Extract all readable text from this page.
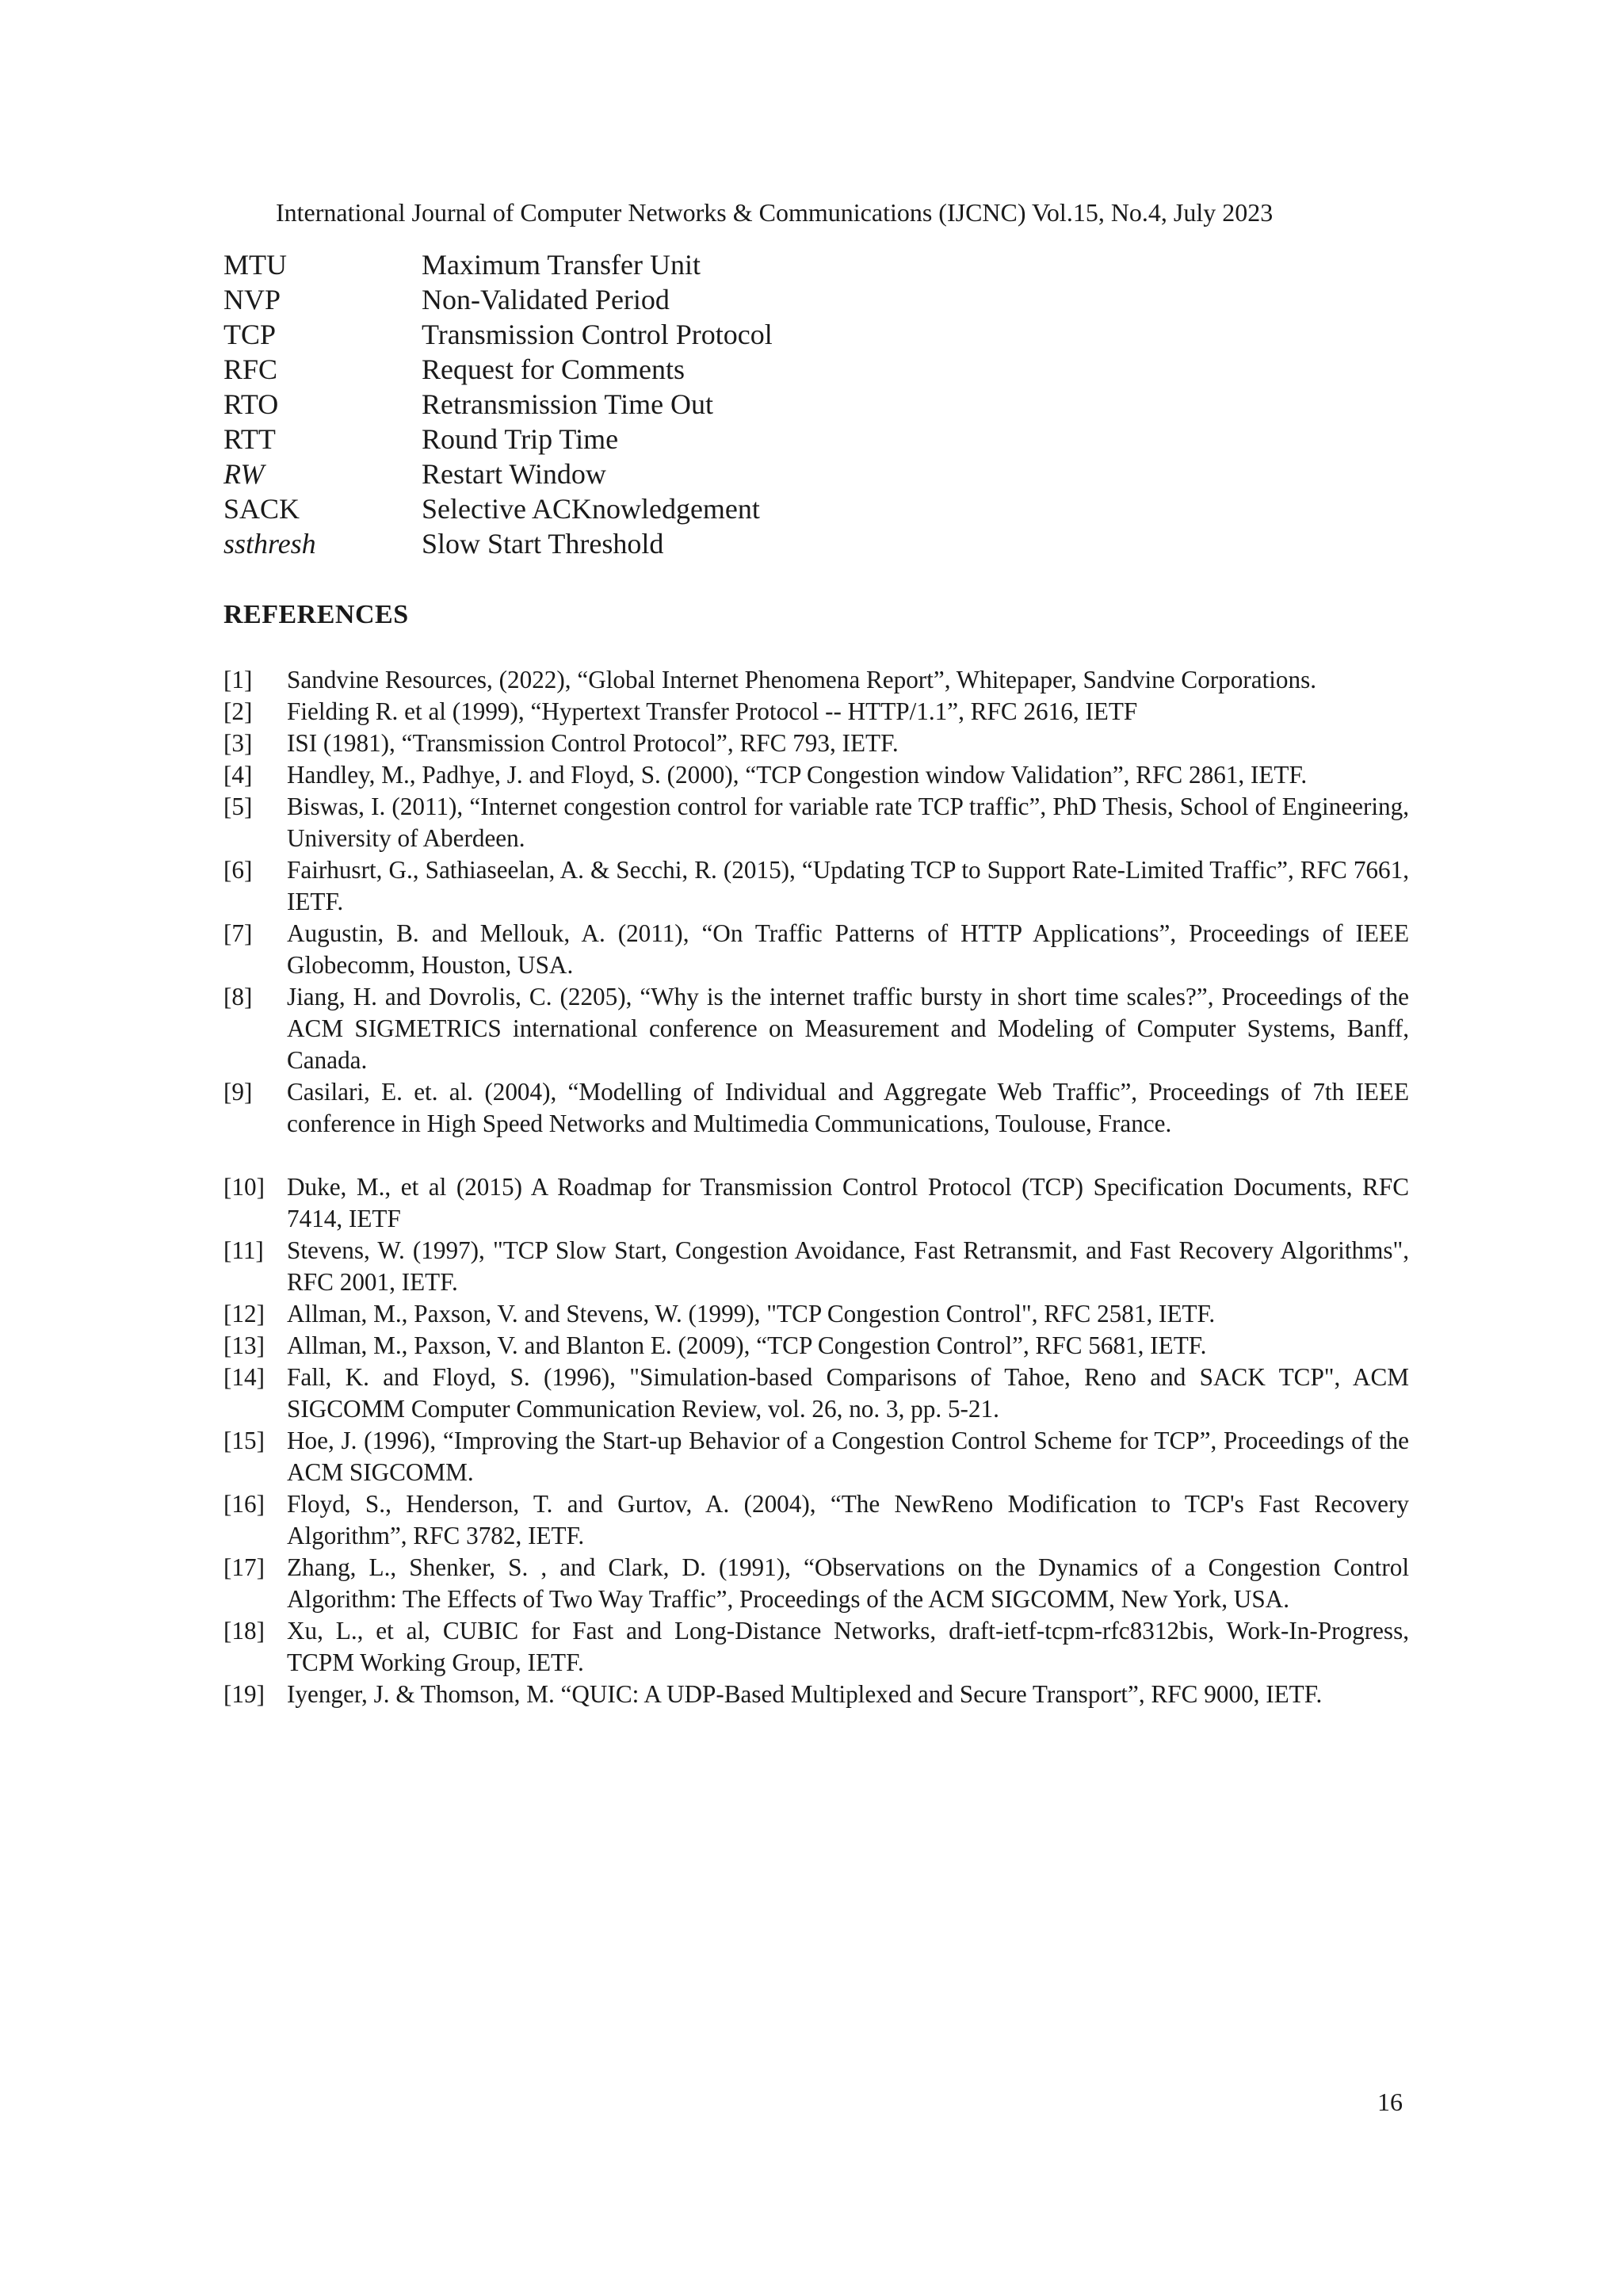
International Journal of Computer Networks & Communications (IJCNC) Vol.15, No.4, July 2023
MTU	Maximum Transfer Unit
NVP	Non-Validated Period
TCP	Transmission Control Protocol
RFC	Request for Comments
RTO	Retransmission Time Out
RTT	Round Trip Time
RW	Restart Window
SACK	Selective ACKnowledgement
ssthresh	Slow Start Threshold
REFERENCES
[1]	Sandvine Resources, (2022), “Global Internet Phenomena Report”, Whitepaper, Sandvine Corporations.
[2]	Fielding R. et al (1999), “Hypertext Transfer Protocol -- HTTP/1.1”, RFC 2616, IETF
[3]	ISI (1981), “Transmission Control Protocol”, RFC 793, IETF.
[4]	Handley, M., Padhye, J. and Floyd, S. (2000), “TCP Congestion window Validation”, RFC 2861, IETF.
[5]	Biswas, I. (2011), “Internet congestion control for variable rate TCP traffic”, PhD Thesis, School of Engineering, University of Aberdeen.
[6]	Fairhusrt, G., Sathiaseelan, A. & Secchi, R. (2015), “Updating TCP to Support Rate-Limited Traffic”, RFC 7661, IETF.
[7]	Augustin, B. and Mellouk, A. (2011), “On Traffic Patterns of HTTP Applications”, Proceedings of IEEE Globecomm, Houston, USA.
[8]	Jiang, H. and Dovrolis, C. (2205), “Why is the internet traffic bursty in short time scales?”, Proceedings of the ACM SIGMETRICS international conference on Measurement and Modeling of Computer Systems, Banff, Canada.
[9]	Casilari, E. et. al. (2004), “Modelling of Individual and Aggregate Web Traffic”, Proceedings of 7th IEEE conference in High Speed Networks and Multimedia Communications, Toulouse, France.
[10] Duke, M., et al (2015) A Roadmap for Transmission Control Protocol (TCP) Specification Documents, RFC 7414, IETF
[11] Stevens, W. (1997), "TCP Slow Start, Congestion Avoidance, Fast Retransmit, and Fast Recovery Algorithms", RFC 2001, IETF.
[12] Allman, M., Paxson, V. and Stevens, W. (1999), "TCP Congestion Control", RFC 2581, IETF.
[13] Allman, M., Paxson, V. and Blanton E. (2009), “TCP Congestion Control”, RFC 5681, IETF.
[14] Fall, K. and Floyd, S. (1996), "Simulation-based Comparisons of Tahoe, Reno and SACK TCP", ACM SIGCOMM Computer Communication Review, vol. 26, no. 3, pp. 5-21.
[15] Hoe, J. (1996), “Improving the Start-up Behavior of a Congestion Control Scheme for TCP”, Proceedings of the ACM SIGCOMM.
[16] Floyd, S., Henderson, T. and Gurtov, A. (2004), “The NewReno Modification to TCP's Fast Recovery Algorithm”, RFC 3782, IETF.
[17] Zhang, L., Shenker, S. , and Clark, D. (1991), “Observations on the Dynamics of a Congestion Control Algorithm: The Effects of Two Way Traffic”, Proceedings of the ACM SIGCOMM, New York, USA.
[18] Xu, L., et al, CUBIC for Fast and Long-Distance Networks, draft-ietf-tcpm-rfc8312bis, Work-In-Progress, TCPM Working Group, IETF.
[19] Iyenger, J. & Thomson, M. “QUIC: A UDP-Based Multiplexed and Secure Transport”, RFC 9000, IETF.
16
